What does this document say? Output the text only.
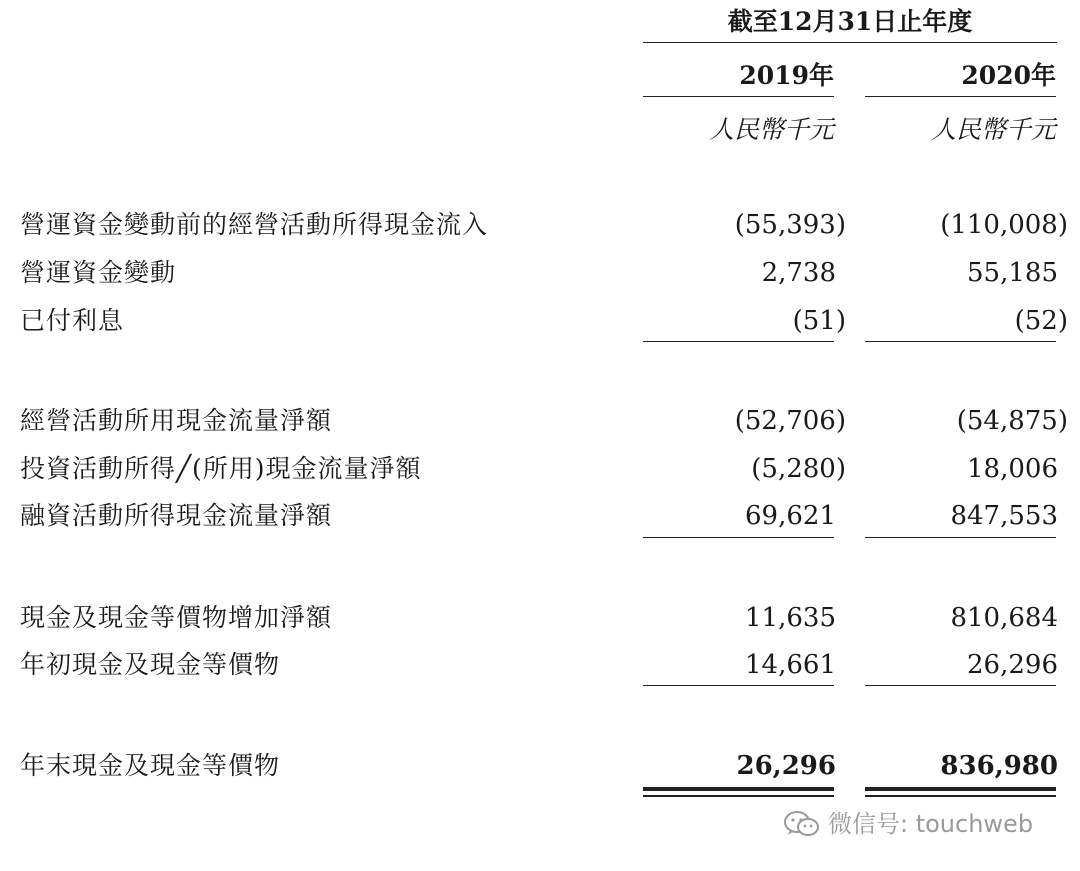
截至12月31日止年度
2019年	2020年
人民幣千元	人民幣千元
營運資金變動前的經營活動所得現金流入	(55,393)	(110,008)
營運資金變動	2,738	55,185
已付利息	(51)	(52)
經營活動所用現金流量淨額	(52,706)	(54,875)
投資活動所得╱(所用)現金流量淨額	(5,280)	18,006
融資活動所得現金流量淨額	69,621	847,553
現金及現金等價物增加淨額	11,635	810,684
年初現金及現金等價物	14,661	26,296
年末現金及現金等價物	26,296	836,980
微信号: touchweb
